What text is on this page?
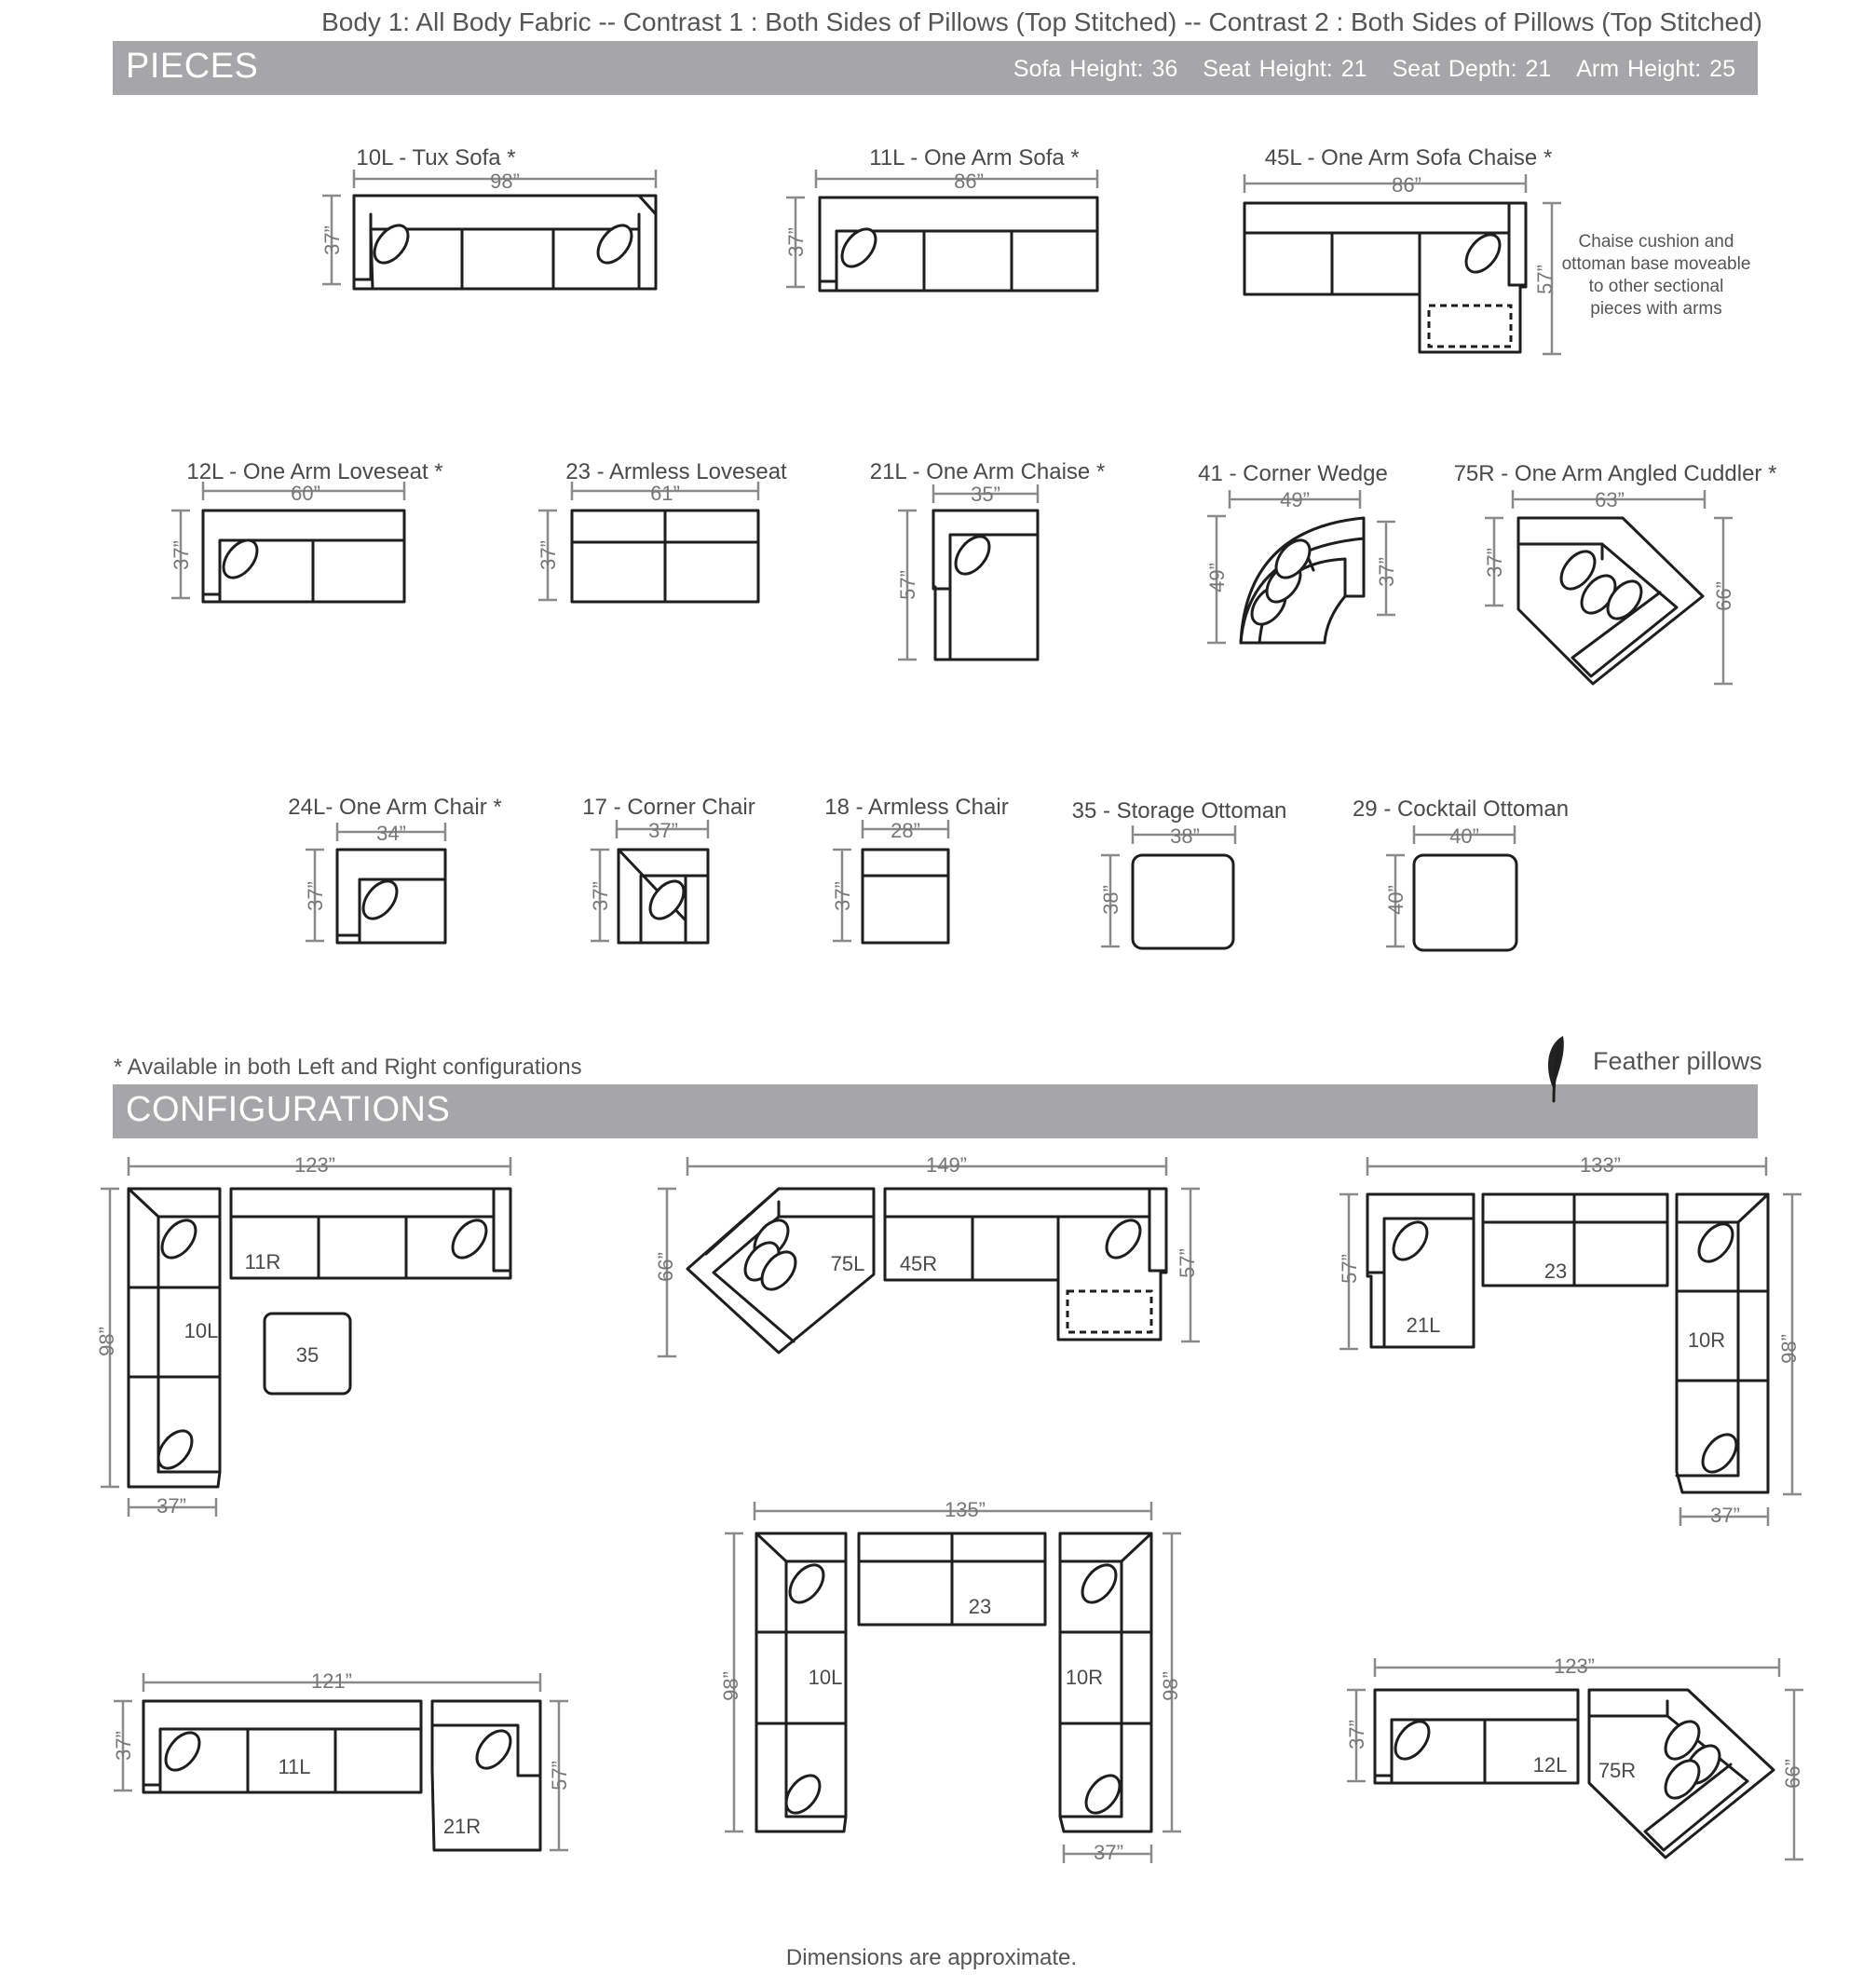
Body 1: All Body Fabric -- Contrast 1 : Both Sides of Pillows (Top Stitched) -- Contrast 2 : Both Sides of Pillows (Top Stitched)
PIECES	Sofa Height: 36 Seat Height: 21 Seat Depth: 21 Arm Height: 25
* Available in both Left and Right configurations	Feather pillows
CONFIGURATIONS
Dimensions are approximate.
10L - Tux Sofa *
98”
37”
11L - One Arm Sofa *
86”
37”
45L - One Arm Sofa Chaise *
86”
57”
Chaise cushion and
ottoman base moveable
to other sectional
pieces with arms
12L - One Arm Loveseat *
60”
37”
23 - Armless Loveseat
61”
37”
21L - One Arm Chaise *
35”
57”
41 - Corner Wedge
49”
49”	37”
75R - One Arm Angled Cuddler *
63”
37”
66”
24L- One Arm Chair *
34”
37”
17 - Corner Chair
37”
37”
18 - Armless Chair
28”
37”
35 - Storage Ottoman
38”
38”
29 - Cocktail Ottoman
40”
40”
123”
98”	10L
11R
35
37”
149”
66”	57”
75L 45R
133”
57”
21L
23
10R	98”
37”
121”
37”
11L
21R
57”
135”
98”	10L
23
10R	98”
37”
123”
37”
12L 75R	66”
